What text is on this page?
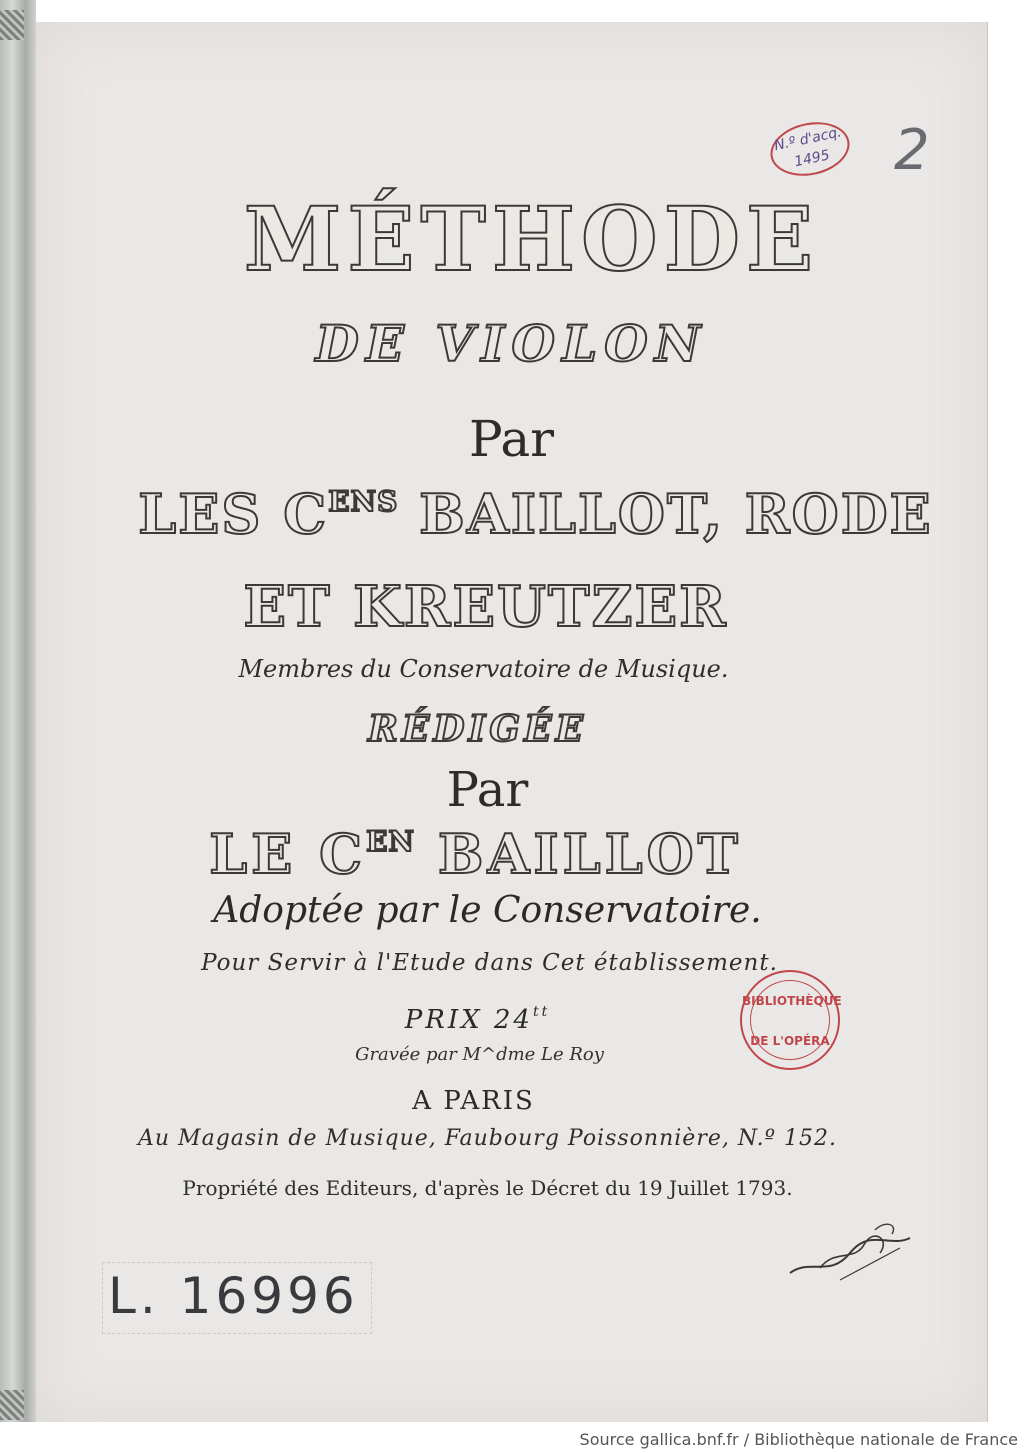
2
N.º d'acq.
1495
MÉTHODE
DE VIOLON
Par
LES $C^{ENS}$ BAILLOT, RODE
ET KREUTZER
Membres du Conservatoire de Musique.
RÉDIGÉE
Par
LE $C^{EN}$ BAILLOT
Adoptée par le Conservatoire.
Pour Servir à l'Etude dans Cet établissement.
PRIX $24^{tt}$
Gravée par M^dme Le Roy
BIBLIOTHÈQUE
DE L'OPÉRA
A PARIS
Au Magasin de Musique, Faubourg Poissonnière, N.º 152.
Propriété des Editeurs, d'après le Décret du 19 Juillet 1793.
L. 16996
Source gallica.bnf.fr / Bibliothèque nationale de France
